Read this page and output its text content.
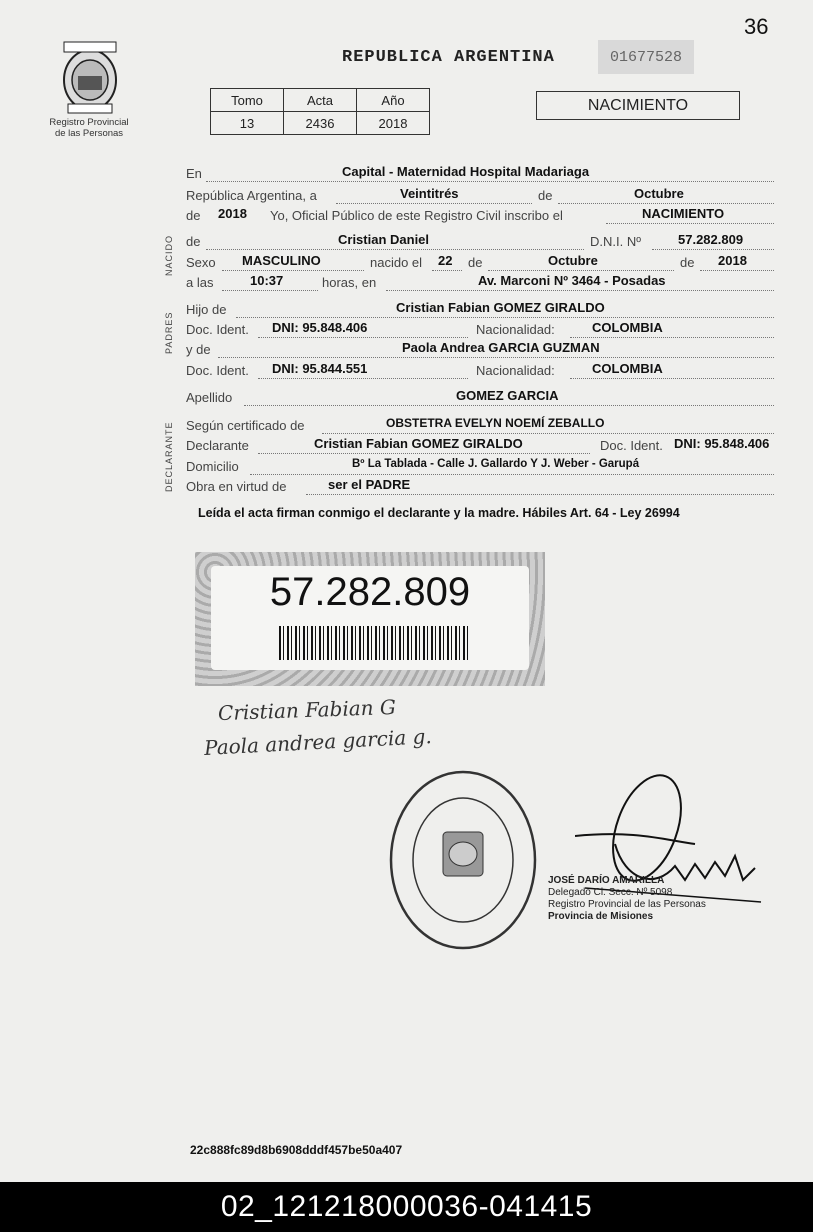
36
Registro Provincial
de las Personas
REPUBLICA ARGENTINA	01677528
Tomo	Acta	Año
13	2436	2018
NACIMIENTO
NACIDO
PADRES
DECLARANTE
En	Capital - Maternidad Hospital Madariaga
República Argentina, a	Veintitrés	de	Octubre
de 2018 Yo, Oficial Público de este Registro Civil inscribo el	NACIMIENTO
de	Cristian Daniel	D.N.I. Nº	57.282.809
Sexo MASCULINO	nacido el 22 de	Octubre	de 2018
a las	10:37	horas, en	Av. Marconi Nº 3464 - Posadas
Hijo de	Cristian Fabian GOMEZ GIRALDO
Doc. Ident. DNI: 95.848.406	Nacionalidad:	COLOMBIA
y de	Paola Andrea GARCIA GUZMAN
Doc. Ident. DNI: 95.844.551	Nacionalidad:	COLOMBIA
Apellido	GOMEZ GARCIA
Según certificado de	OBSTETRA EVELYN NOEMÍ ZEBALLO
Declarante	Cristian Fabian GOMEZ GIRALDO	Doc. Ident. DNI: 95.848.406
Domicilio	Bº La Tablada - Calle J. Gallardo Y J. Weber - Garupá
Obra en virtud de	ser el PADRE
Leída el acta firman conmigo el declarante y la madre. Hábiles Art. 64 - Ley 26994
57.282.809
Cristian Fabian G
Paola andrea garcia g.
JOSÉ DARÍO AMARILLA
Delegado Cl. Secc. Nº 5098
Registro Provincial de las Personas
Provincia de Misiones
22c888fc89d8b6908dddf457be50a407
02_121218000036-041415
